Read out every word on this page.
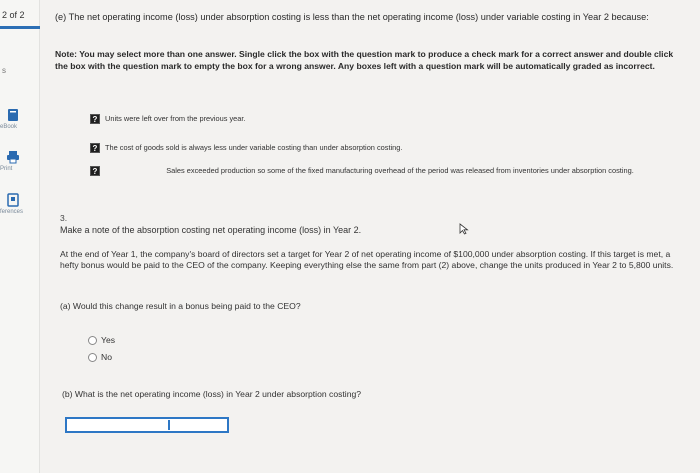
2 of 2
s
eBook
Print
ferences
(e) The net operating income (loss) under absorption costing is less than the net operating income (loss) under variable costing in Year 2 because:
Note: You may select more than one answer. Single click the box with the question mark to produce a check mark for a correct answer and double click the box with the question mark to empty the box for a wrong answer. Any boxes left with a question mark will be automatically graded as incorrect.
?	Units were left over from the previous year.
?	The cost of goods sold is always less under variable costing than under absorption costing.
?	Sales exceeded production so some of the fixed manufacturing overhead of the period was released from inventories under absorption costing.
3.
Make a note of the absorption costing net operating income (loss) in Year 2.
At the end of Year 1, the company's board of directors set a target for Year 2 of net operating income of $100,000 under absorption costing. If this target is met, a hefty bonus would be paid to the CEO of the company. Keeping everything else the same from part (2) above, change the units produced in Year 2 to 5,800 units.
(a) Would this change result in a bonus being paid to the CEO?
Yes
No
(b) What is the net operating income (loss) in Year 2 under absorption costing?
